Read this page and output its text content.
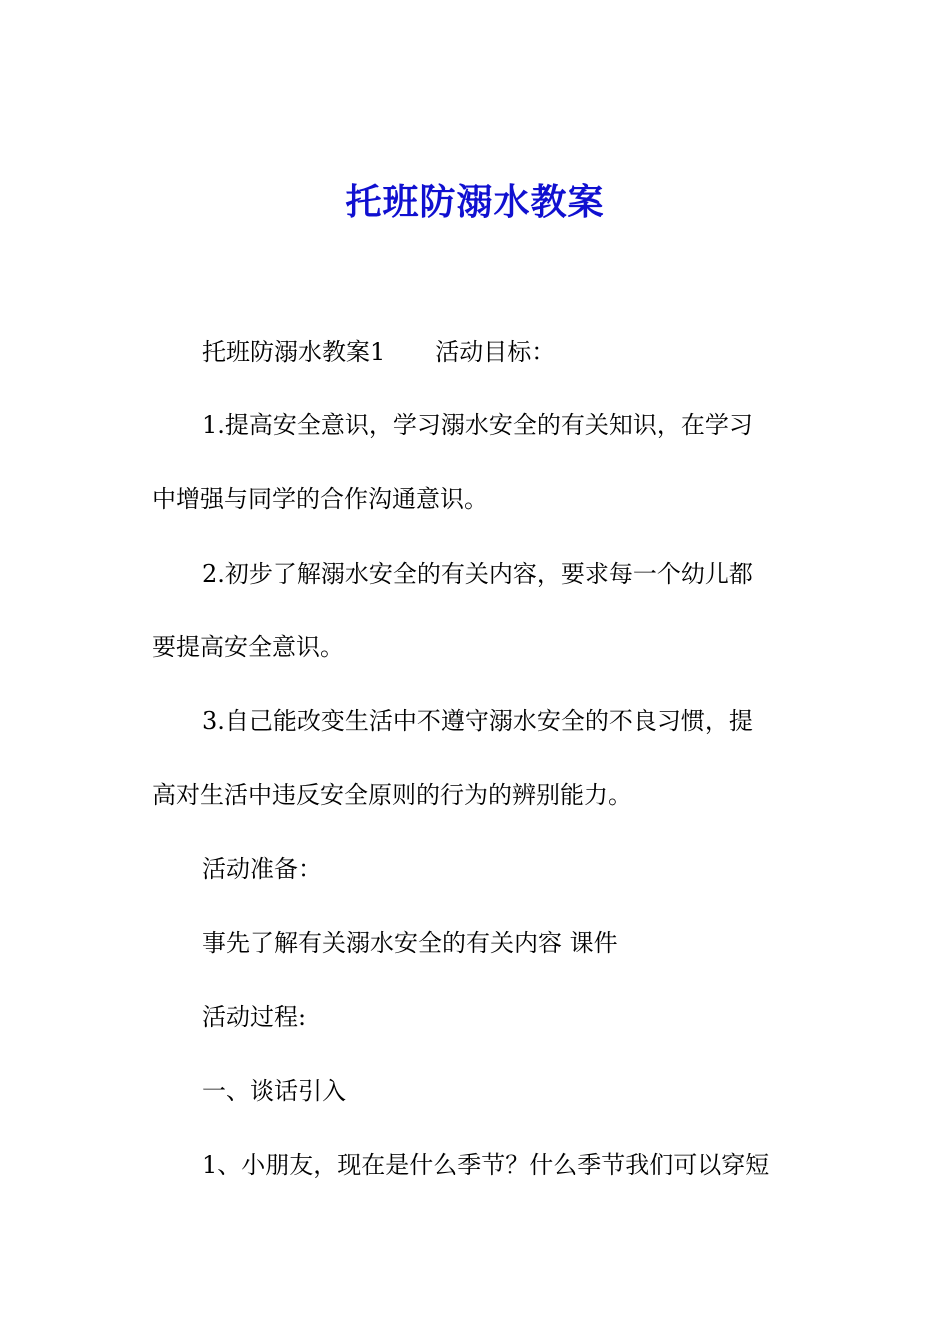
托班防溺水教案
托班防溺水教案1 活动目标：
1.提高安全意识，学习溺水安全的有关知识，在学习
中增强与同学的合作沟通意识。
2.初步了解溺水安全的有关内容，要求每一个幼儿都
要提高安全意识。
3.自己能改变生活中不遵守溺水安全的不良习惯，提
高对生活中违反安全原则的行为的辨别能力。
活动准备：
事先了解有关溺水安全的有关内容 课件
活动过程:
一、谈话引入
1、小朋友，现在是什么季节？什么季节我们可以穿短
